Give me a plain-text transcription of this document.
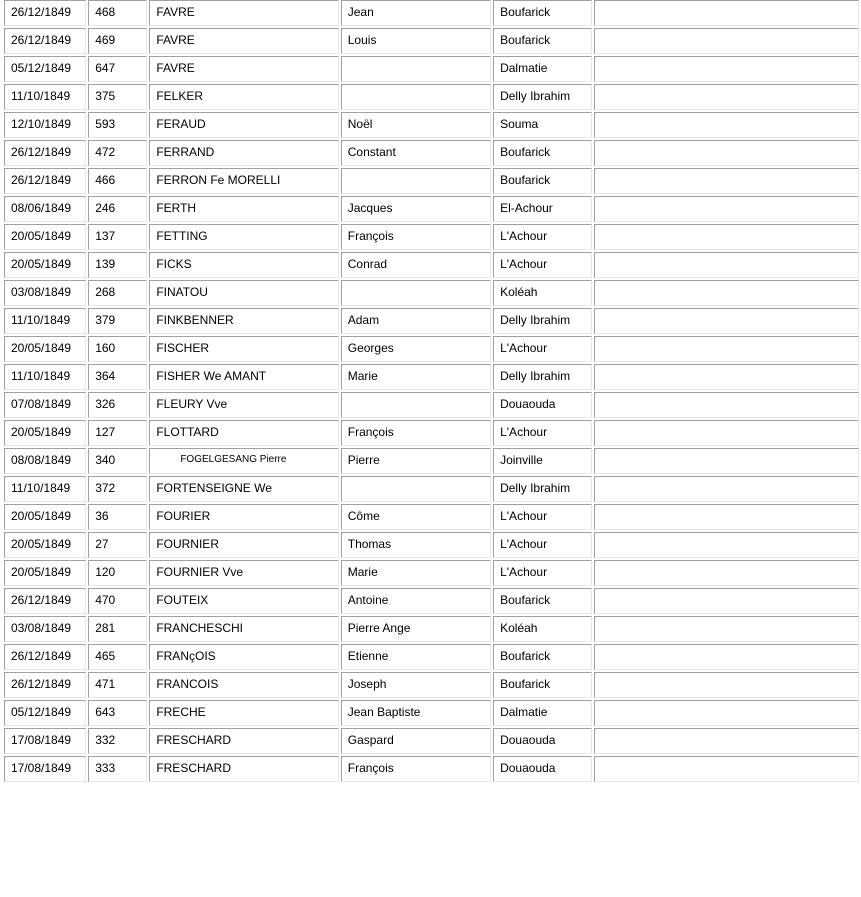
26/12/1849	468	FAVRE	Jean	Boufarick	
26/12/1849	469	FAVRE	Louis	Boufarick	
05/12/1849	647	FAVRE		Dalmatie	
11/10/1849	375	FELKER		Delly Ibrahim	
12/10/1849	593	FERAUD	Noël	Souma	
26/12/1849	472	FERRAND	Constant	Boufarick	
26/12/1849	466	FERRON Fe MORELLI		Boufarick	
08/06/1849	246	FERTH	Jacques	El-Achour	
20/05/1849	137	FETTING	François	L'Achour	
20/05/1849	139	FICKS	Conrad	L'Achour	
03/08/1849	268	FINATOU		Koléah	
11/10/1849	379	FINKBENNER	Adam	Delly Ibrahim	
20/05/1849	160	FISCHER	Georges	L'Achour	
11/10/1849	364	FISHER We AMANT	Marie	Delly Ibrahim	
07/08/1849	326	FLEURY Vve		Douaouda	
20/05/1849	127	FLOTTARD	François	L'Achour	
08/08/1849	340	FOGELGESANG Pierre	Pierre	Joinville	
11/10/1849	372	FORTENSEIGNE We		Delly Ibrahim	
20/05/1849	36	FOURIER	Côme	L'Achour	
20/05/1849	27	FOURNIER	Thomas	L'Achour	
20/05/1849	120	FOURNIER Vve	Marie	L'Achour	
26/12/1849	470	FOUTEIX	Antoine	Boufarick	
03/08/1849	281	FRANCHESCHI	Pierre Ange	Koléah	
26/12/1849	465	FRANçOIS	Etienne	Boufarick	
26/12/1849	471	FRANCOIS	Joseph	Boufarick	
05/12/1849	643	FRECHE	Jean Baptiste	Dalmatie	
17/08/1849	332	FRESCHARD	Gaspard	Douaouda	
17/08/1849	333	FRESCHARD	François	Douaouda	
